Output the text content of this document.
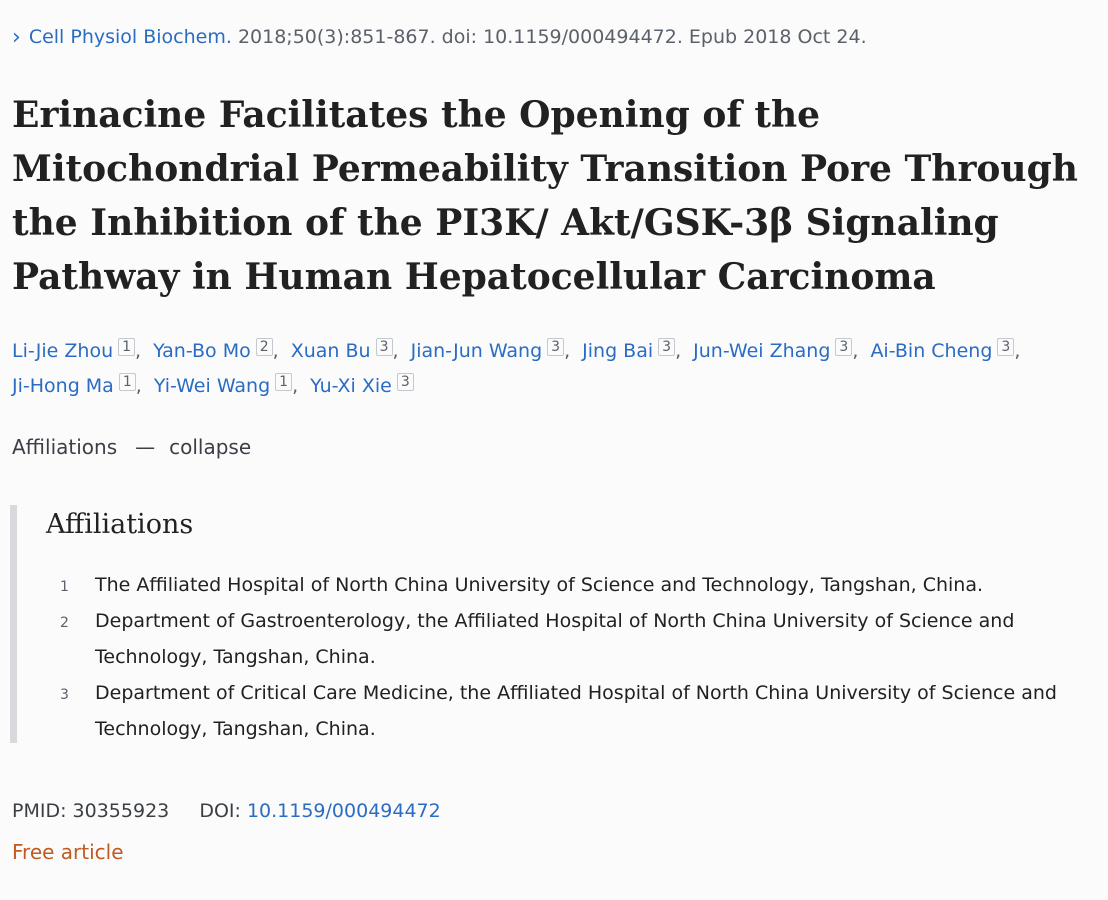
› Cell Physiol Biochem. 2018;50(3):851-867. doi: 10.1159/000494472. Epub 2018 Oct 24.
Erinacine Facilitates the Opening of the Mitochondrial Permeability Transition Pore Through the Inhibition of the PI3K/ Akt/GSK-3β Signaling Pathway in Human Hepatocellular Carcinoma
Li-Jie Zhou 1 , Yan-Bo Mo 2 , Xuan Bu 3 , Jian-Jun Wang 3 , Jing Bai 3 , Jun-Wei Zhang 3 , Ai-Bin Cheng 3 , Ji-Hong Ma 1 , Yi-Wei Wang 1 , Yu-Xi Xie 3
Affiliations — collapse
Affiliations
1 The Affiliated Hospital of North China University of Science and Technology, Tangshan, China.
2 Department of Gastroenterology, the Affiliated Hospital of North China University of Science and Technology, Tangshan, China.
3 Department of Critical Care Medicine, the Affiliated Hospital of North China University of Science and Technology, Tangshan, China.
PMID: 30355923 DOI: 10.1159/000494472
Free article
